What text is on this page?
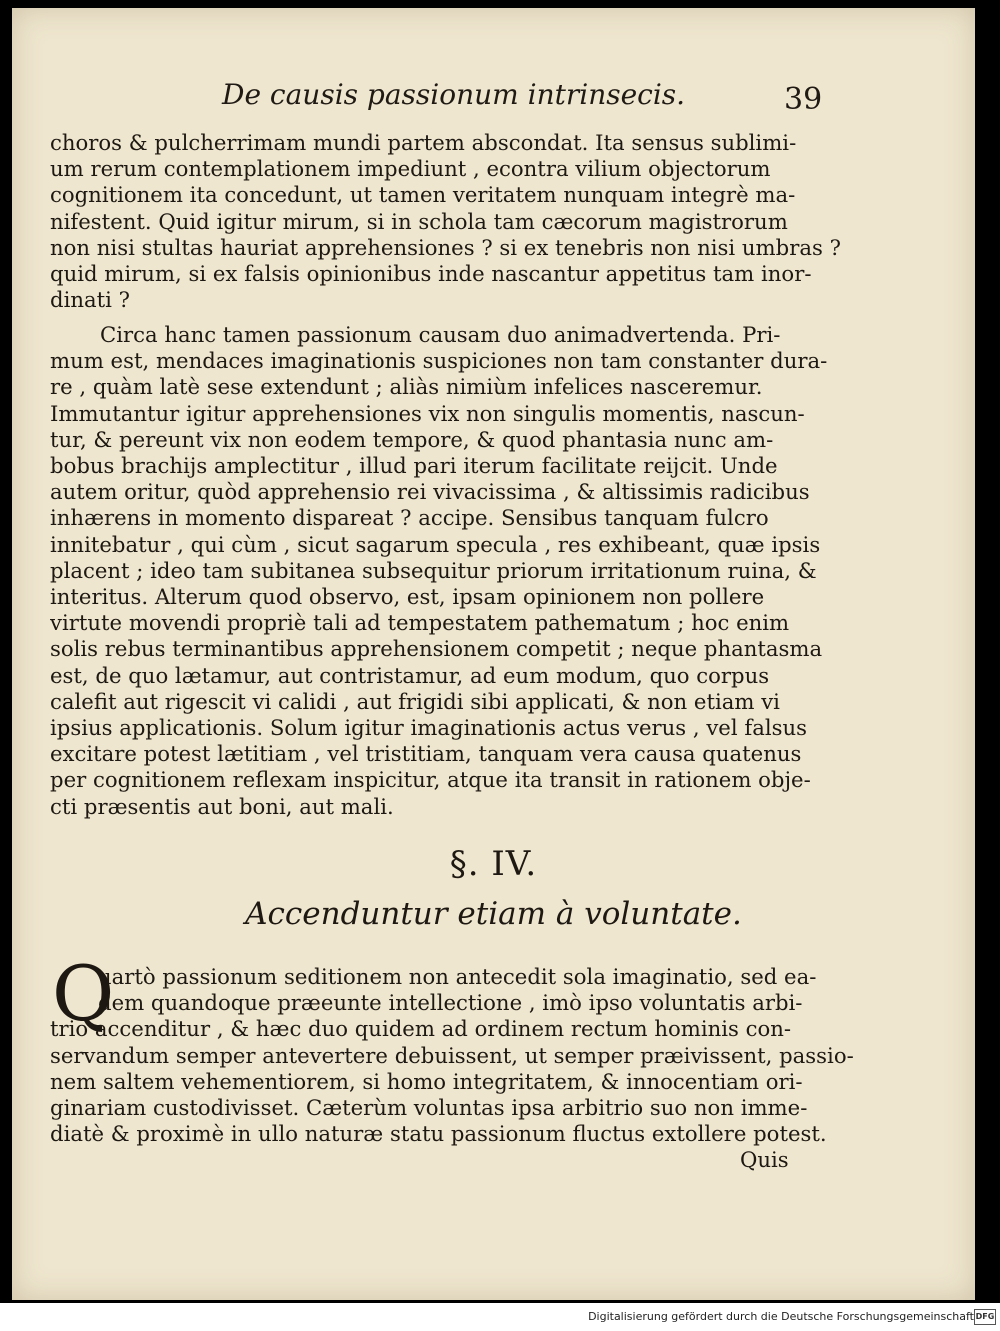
De causis passionum intrinsecis.	39
choros & pulcherrimam mundi partem abscondat. Ita sensus sublimi-
um rerum contemplationem impediunt , econtra vilium objectorum
cognitionem ita concedunt, ut tamen veritatem nunquam integrè ma-
nifestent. Quid igitur mirum, si in schola tam cæcorum magistrorum
non nisi stultas hauriat apprehensiones ? si ex tenebris non nisi umbras ?
quid mirum, si ex falsis opinionibus inde nascantur appetitus tam inor-
dinati ?
Circa hanc tamen passionum causam duo animadvertenda. Pri-
mum est, mendaces imaginationis suspiciones non tam constanter dura-
re , quàm latè sese extendunt ; aliàs nimiùm infelices nasceremur.
Immutantur igitur apprehensiones vix non singulis momentis, nascun-
tur, & pereunt vix non eodem tempore, & quod phantasia nunc am-
bobus brachijs amplectitur , illud pari iterum facilitate reijcit. Unde
autem oritur, quòd apprehensio rei vivacissima , & altissimis radicibus
inhærens in momento dispareat ? accipe. Sensibus tanquam fulcro
innitebatur , qui cùm , sicut sagarum specula , res exhibeant, quæ ipsis
placent ; ideo tam subitanea subsequitur priorum irritationum ruina, &
interitus. Alterum quod observo, est, ipsam opinionem non pollere
virtute movendi propriè tali ad tempestatem pathematum ; hoc enim
solis rebus terminantibus apprehensionem competit ; neque phantasma
est, de quo lætamur, aut contristamur, ad eum modum, quo corpus
calefit aut rigescit vi calidi , aut frigidi sibi applicati, & non etiam vi
ipsius applicationis. Solum igitur imaginationis actus verus , vel falsus
excitare potest lætitiam , vel tristitiam, tanquam vera causa quatenus
per cognitionem reflexam inspicitur, atque ita transit in rationem obje-
cti præsentis aut boni, aut mali.
§. IV.
Accenduntur etiam à voluntate.
Q
uartò passionum seditionem non antecedit sola imaginatio, sed ea-
dem quandoque præeunte intellectione , imò ipso voluntatis arbi-
trio accenditur , & hæc duo quidem ad ordinem rectum hominis con-
servandum semper antevertere debuissent, ut semper præivissent, passio-
nem saltem vehementiorem, si homo integritatem, & innocentiam ori-
ginariam custodivisset. Cæterùm voluntas ipsa arbitrio suo non imme-
diatè & proximè in ullo naturæ statu passionum fluctus extollere potest.
Quis
Digitalisierung gefördert durch die Deutsche Forschungsgemeinschaft DFG
